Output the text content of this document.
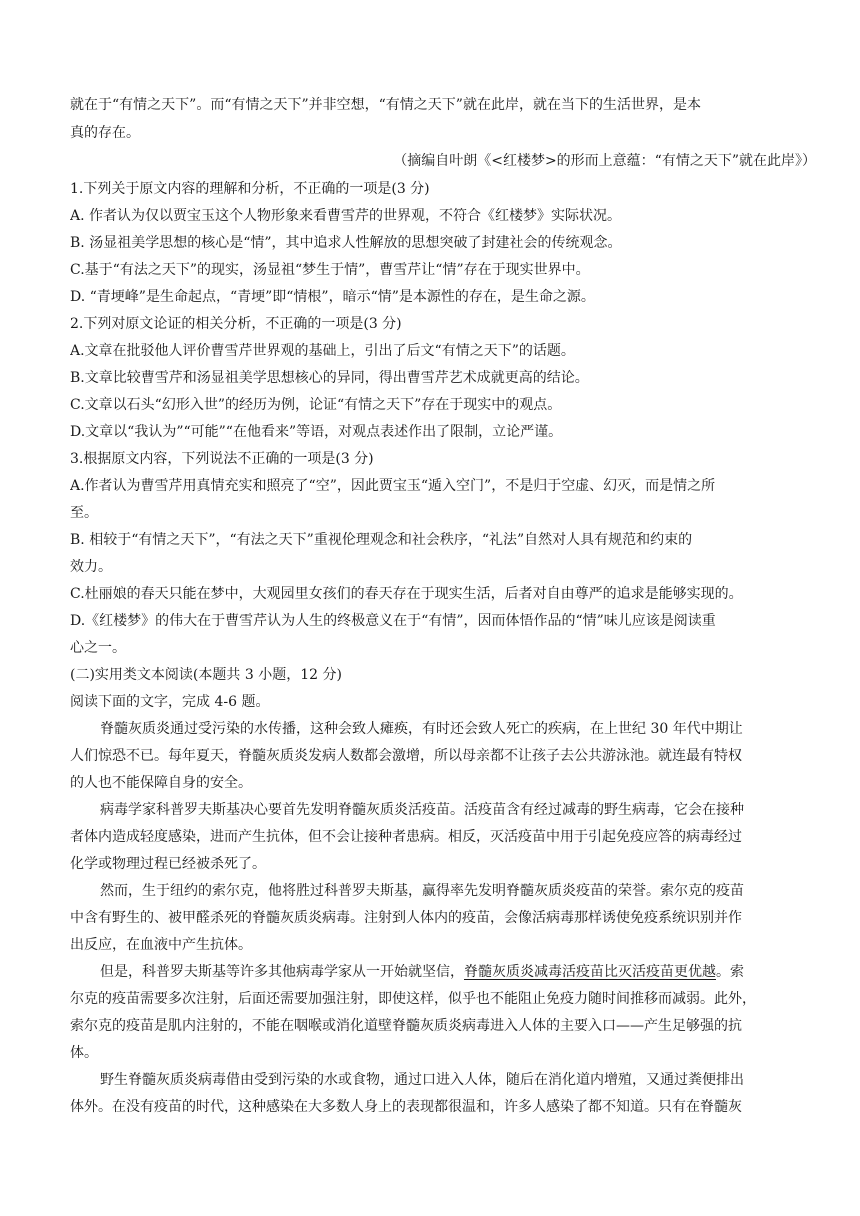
就在于“有情之天下”。而“有情之天下”并非空想，“有情之天下”就在此岸，就在当下的生活世界，是本
真的存在。
（摘编自叶朗《<红楼梦>的形而上意蕴：“有情之天下”就在此岸》）
1.下列关于原文内容的理解和分析，不正确的一项是(3 分)
A. 作者认为仅以贾宝玉这个人物形象来看曹雪芹的世界观，不符合《红楼梦》实际状况。
B. 汤显祖美学思想的核心是“情”，其中追求人性解放的思想突破了封建社会的传统观念。
C.基于“有法之天下”的现实，汤显祖“梦生于情”，曹雪芹让“情”存在于现实世界中。
D. “青埂峰”是生命起点，“青埂”即“情根”，暗示“情”是本源性的存在，是生命之源。
2.下列对原文论证的相关分析，不正确的一项是(3 分)
A.文章在批驳他人评价曹雪芹世界观的基础上，引出了后文“有情之天下”的话题。
B.文章比较曹雪芹和汤显祖美学思想核心的异同，得出曹雪芹艺术成就更高的结论。
C.文章以石头“幻形入世”的经历为例，论证“有情之天下”存在于现实中的观点。
D.文章以“我认为”“可能”“在他看来”等语，对观点表述作出了限制，立论严谨。
3.根据原文内容，下列说法不正确的一项是(3 分)
A.作者认为曹雪芹用真情充实和照亮了“空”，因此贾宝玉“遁入空门”，不是归于空虚、幻灭，而是情之所
至。
B. 相较于“有情之天下”，“有法之天下”重视伦理观念和社会秩序，“礼法”自然对人具有规范和约束的
效力。
C.杜丽娘的春天只能在梦中，大观园里女孩们的春天存在于现实生活，后者对自由尊严的追求是能够实现的。
D.《红楼梦》的伟大在于曹雪芹认为人生的终极意义在于“有情”，因而体悟作品的“情”味儿应该是阅读重
心之一。
(二)实用类文本阅读(本题共 3 小题，12 分)
阅读下面的文字，完成 4-6 题。
脊髓灰质炎通过受污染的水传播，这种会致人瘫痪，有时还会致人死亡的疾病，在上世纪 30 年代中期让
人们惊恐不已。每年夏天，脊髓灰质炎发病人数都会激增，所以母亲都不让孩子去公共游泳池。就连最有特权
的人也不能保障自身的安全。
病毒学家科普罗夫斯基决心要首先发明脊髓灰质炎活疫苗。活疫苗含有经过减毒的野生病毒，它会在接种
者体内造成轻度感染，进而产生抗体，但不会让接种者患病。相反，灭活疫苗中用于引起免疫应答的病毒经过
化学或物理过程已经被杀死了。
然而，生于纽约的索尔克，他将胜过科普罗夫斯基，赢得率先发明脊髓灰质炎疫苗的荣誉。索尔克的疫苗
中含有野生的、被甲醛杀死的脊髓灰质炎病毒。注射到人体内的疫苗，会像活病毒那样诱使免疫系统识别并作
出反应，在血液中产生抗体。
但是，科普罗夫斯基等许多其他病毒学家从一开始就坚信，脊髓灰质炎减毒活疫苗比灭活疫苗更优越。索
尔克的疫苗需要多次注射，后面还需要加强注射，即使这样，似乎也不能阻止免疫力随时间推移而减弱。此外，
索尔克的疫苗是肌内注射的，不能在咽喉或消化道壁脊髓灰质炎病毒进入人体的主要入口——产生足够强的抗
体。
野生脊髓灰质炎病毒借由受到污染的水或食物，通过口进入人体，随后在消化道内增殖，又通过粪便排出
体外。在没有疫苗的时代，这种感染在大多数人身上的表现都很温和，许多人感染了都不知道。只有在脊髓灰
